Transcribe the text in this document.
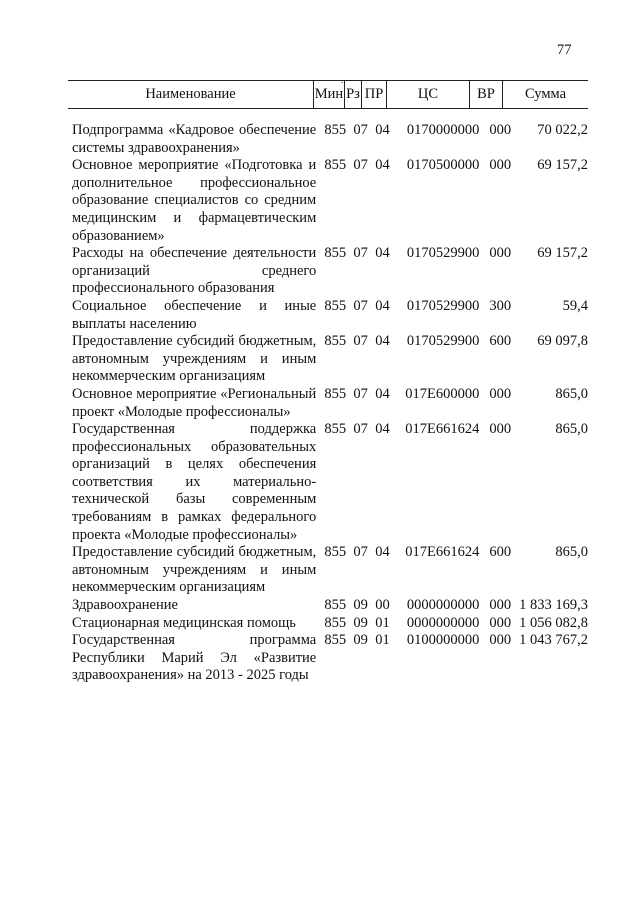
77
.
Наименование	Мин	Рз	ПР	ЦС	ВР	Сумма
Подпрограмма «Кадровое обеспечение системы здравоохранения»	855	07	04	0170000000	000	70 022,2
Основное мероприятие «Подготовка и дополнительное профессиональное образование специалистов со средним медицинским и фармацевтическим образованием»	855	07	04	0170500000	000	69 157,2
Расходы на обеспечение деятельности организаций среднего профессионального образования	855	07	04	0170529900	000	69 157,2
Социальное обеспечение и иные выплаты населению	855	07	04	0170529900	300	59,4
Предоставление субсидий бюджетным, автономным учреждениям и иным некоммерческим организациям	855	07	04	0170529900	600	69 097,8
Основное мероприятие «Региональный проект «Молодые профессионалы»	855	07	04	017Е600000	000	865,0
Государственная поддержка профессиональных образовательных организаций в целях обеспечения соответствия их материально-технической базы современным требованиям в рамках федерального проекта «Молодые профессионалы»	855	07	04	017Е661624	000	865,0
Предоставление субсидий бюджетным, автономным учреждениям и иным некоммерческим организациям	855	07	04	017Е661624	600	865,0
Здравоохранение	855	09	00	0000000000	000	1 833 169,3
Стационарная медицинская помощь	855	09	01	0000000000	000	1 056 082,8
Государственная программа Республики Марий Эл «Развитие здравоохранения» на 2013 - 2025 годы	855	09	01	0100000000	000	1 043 767,2
